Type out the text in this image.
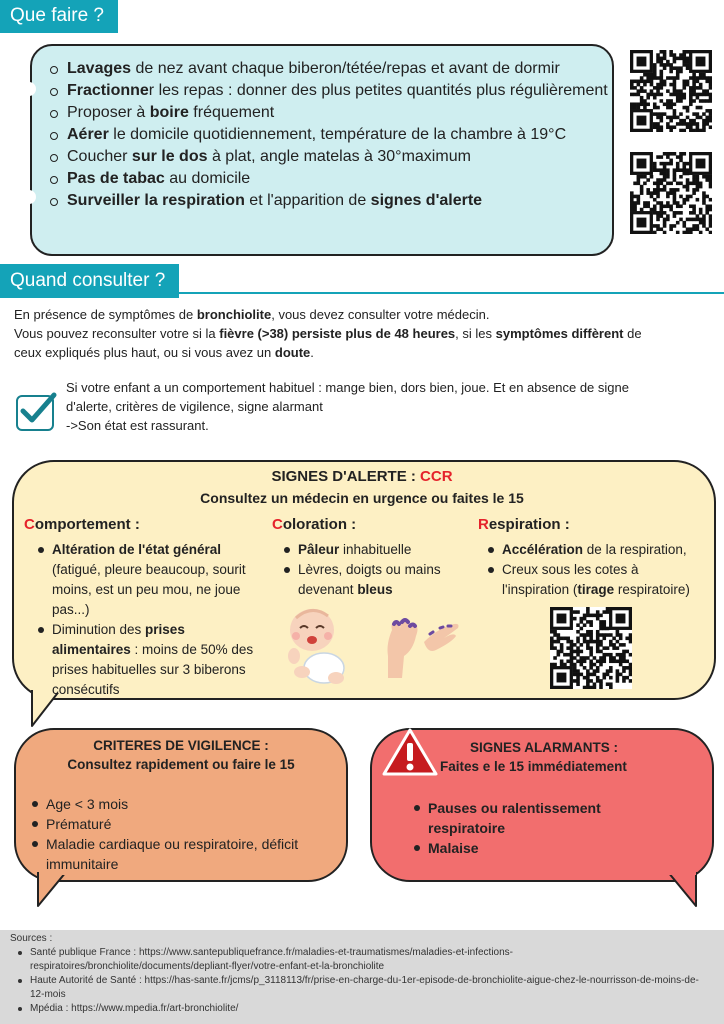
Que faire ?
Lavages de nez avant chaque biberon/tétée/repas et avant de dormir
Fractionner les repas : donner des plus petites quantités plus régulièrement
Proposer à boire fréquement
Aérer le domicile quotidiennement, température de la chambre à 19°C
Coucher sur le dos à plat, angle matelas à 30°maximum
Pas de tabac au domicile
Surveiller la respiration et l'apparition de signes d'alerte
Quand consulter ?
En présence de symptômes de bronchiolite, vous devez consulter votre médecin.
Vous pouvez reconsulter votre si la fièvre (>38) persiste plus de 48 heures, si les symptômes diffèrent de
ceux expliqués plus haut, ou si vous avez un doute.
Si votre enfant a un comportement habituel : mange bien, dors bien, joue. Et en absence de signe
d'alerte, critères de vigilence, signe alarmant
->Son état est rassurant.
SIGNES D'ALERTE : CCR
Consultez un médecin en urgence ou faites le 15
Comportement :
Altération de l'état général
(fatigué, pleure beaucoup, sourit moins, est un peu mou, ne joue pas...)
Diminution des prises alimentaires : moins de 50% des prises habituelles sur 3 biberons consécutifs
Coloration :
Pâleur inhabituelle
Lèvres, doigts ou mains devenant bleus
Respiration :
Accélération de la respiration,
Creux sous les cotes à l'inspiration (tirage respiratoire)
CRITERES DE VIGILENCE :
Consultez rapidement ou faire le 15
Age < 3 mois
Prématuré
Maladie cardiaque ou respiratoire, déficit immunitaire
SIGNES ALARMANTS :
Faites e le 15 immédiatement
Pauses ou ralentissement respiratoire
Malaise
Sources :
Santé publique France : https://www.santepubliquefrance.fr/maladies-et-traumatismes/maladies-et-infections-respiratoires/bronchiolite/documents/depliant-flyer/votre-enfant-et-la-bronchiolite
Haute Autorité de Santé : https://has-sante.fr/jcms/p_3118113/fr/prise-en-charge-du-1er-episode-de-bronchiolite-aigue-chez-le-nourrisson-de-moins-de-12-mois
Mpédia : https://www.mpedia.fr/art-bronchiolite/
